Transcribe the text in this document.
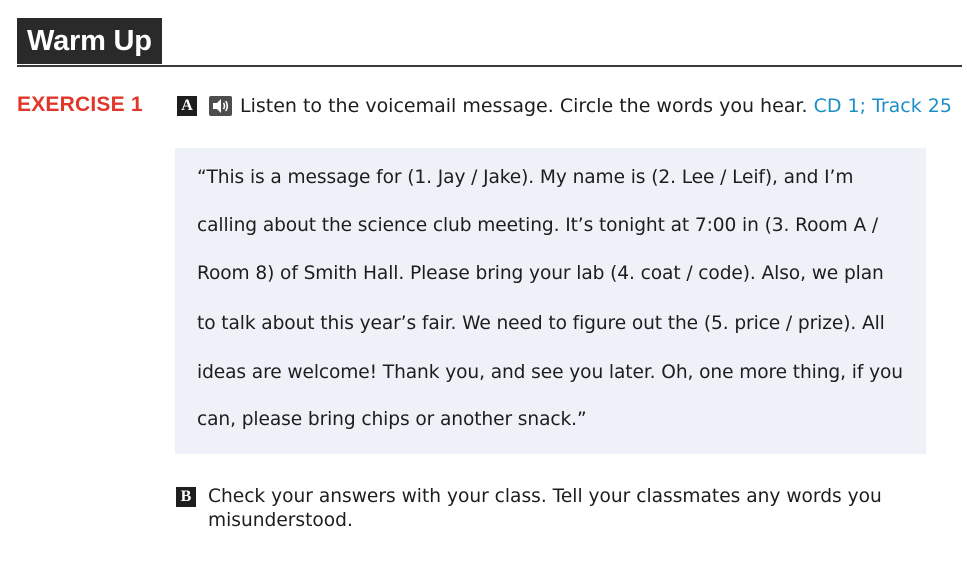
Warm Up
EXERCISE 1 A Listen to the voicemail message. Circle the words you hear. CD 1; Track 25
“This is a message for (1. Jay / Jake). My name is (2. Lee / Leif), and I’m
calling about the science club meeting. It’s tonight at 7:00 in (3. Room A /
Room 8) of Smith Hall. Please bring your lab (4. coat / code). Also, we plan
to talk about this year’s fair. We need to figure out the (5. price / prize). All
ideas are welcome! Thank you, and see you later. Oh, one more thing, if you
can, please bring chips or another snack.”
B Check your answers with your class. Tell your classmates any words you
misunderstood.
